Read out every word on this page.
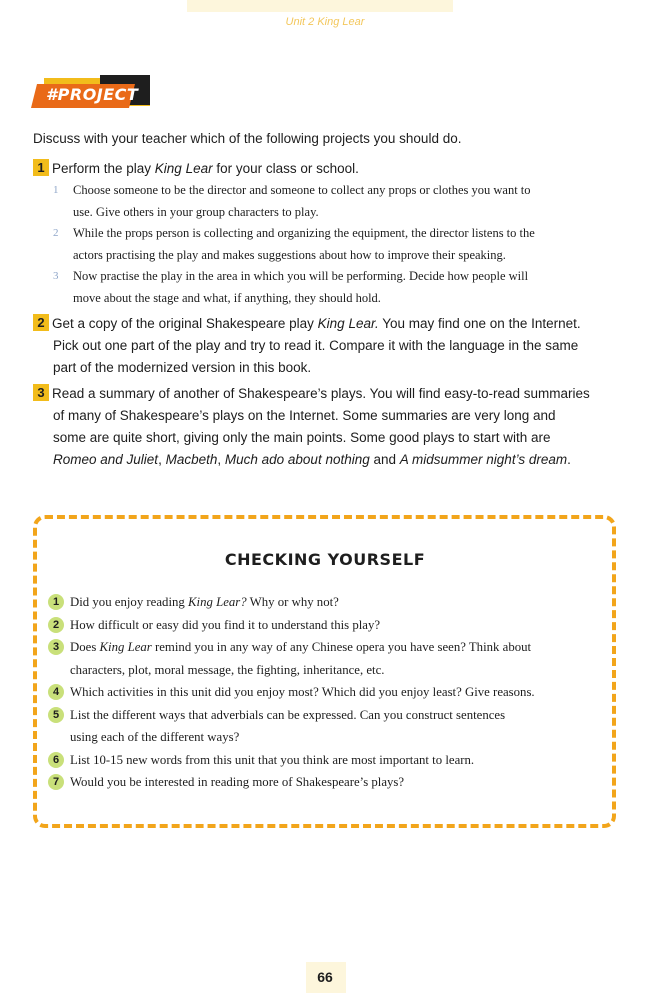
Unit 2 King Lear
#PROJECT
Discuss with your teacher which of the following projects you should do.
1 Perform the play King Lear for your class or school.
1	Choose someone to be the director and someone to collect any props or clothes you want to
use. Give others in your group characters to play.
2	While the props person is collecting and organizing the equipment, the director listens to the
actors practising the play and makes suggestions about how to improve their speaking.
3	Now practise the play in the area in which you will be performing. Decide how people will
move about the stage and what, if anything, they should hold.
2 Get a copy of the original Shakespeare play King Lear. You may find one on the Internet.
Pick out one part of the play and try to read it. Compare it with the language in the same
part of the modernized version in this book.
3 Read a summary of another of Shakespeare’s plays. You will find easy-to-read summaries
of many of Shakespeare’s plays on the Internet. Some summaries are very long and
some are quite short, giving only the main points. Some good plays to start with are
Romeo and Juliet, Macbeth, Much ado about nothing and A midsummer night’s dream.
CHECKING YOURSELF
1 Did you enjoy reading King Lear? Why or why not?
2 How difficult or easy did you find it to understand this play?
3 Does King Lear remind you in any way of any Chinese opera you have seen? Think about
characters, plot, moral message, the fighting, inheritance, etc.
4 Which activities in this unit did you enjoy most? Which did you enjoy least? Give reasons.
5 List the different ways that adverbials can be expressed. Can you construct sentences
using each of the different ways?
6 List 10-15 new words from this unit that you think are most important to learn.
7 Would you be interested in reading more of Shakespeare’s plays?
66
